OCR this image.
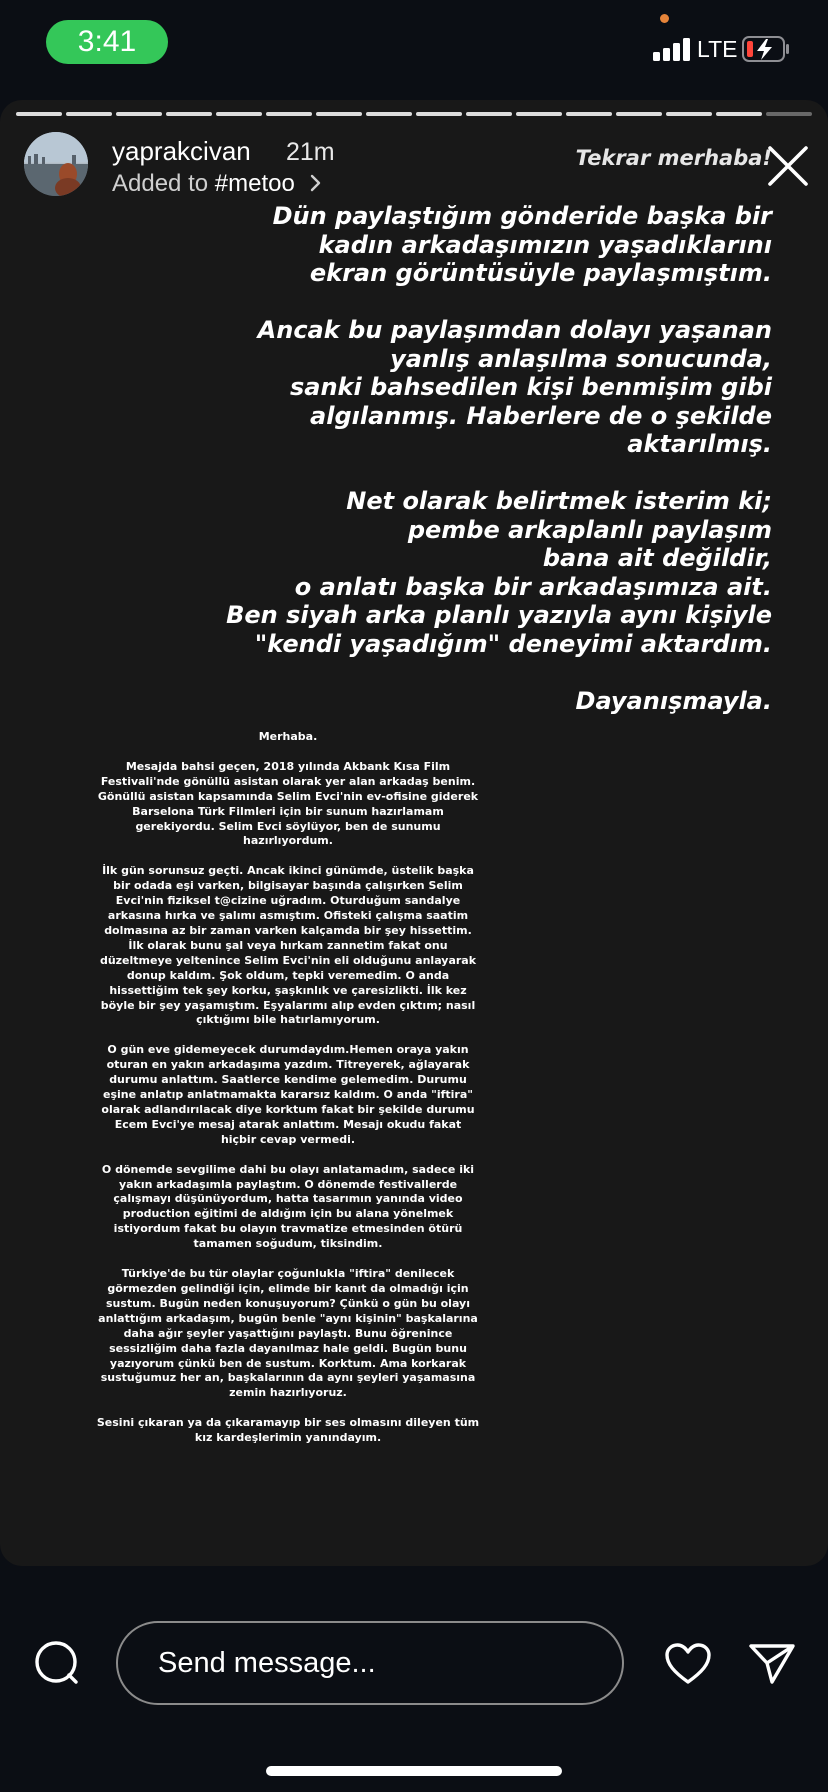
3:41	LTE
yaprakcivan 21m
Added to #metoo
Tekrar merhaba!

Dün paylaştığım gönderide başka bir

kadın arkadaşımızın yaşadıklarını

ekran görüntüsüyle paylaşmıştım.

Ancak bu paylaşımdan dolayı yaşanan

yanlış anlaşılma sonucunda,

sanki bahsedilen kişi benmişim gibi

algılanmış. Haberlere de o şekilde

aktarılmış.

Net olarak belirtmek isterim ki;

pembe arkaplanlı paylaşım

bana ait değildir,

o anlatı başka bir arkadaşımıza ait.

Ben siyah arka planlı yazıyla aynı kişiyle

"kendi yaşadığım" deneyimi aktardım.

Dayanışmayla.

Merhaba.

Mesajda bahsi geçen, 2018 yılında Akbank Kısa Film Festivali'nde gönüllü asistan olarak yer alan arkadaş benim. Gönüllü asistan kapsamında Selim Evci'nin ev-ofisine giderek Barselona Türk Filmleri için bir sunum hazırlamam gerekiyordu. Selim Evci söylüyor, ben de sunumu hazırlıyordum.

İlk gün sorunsuz geçti. Ancak ikinci günümde, üstelik başka bir odada eşi varken, bilgisayar başında çalışırken Selim Evci'nin fiziksel t@cizine uğradım. Oturduğum sandalye arkasına hırka ve şalımı asmıştım. Ofisteki çalışma saatim dolmasına az bir zaman varken kalçamda bir şey hissettim. İlk olarak bunu şal veya hırkam zannetim fakat onu düzeltmeye yeltenince Selim Evci'nin eli olduğunu anlayarak donup kaldım. Şok oldum, tepki veremedim. O anda hissettiğim tek şey korku, şaşkınlık ve çaresizlikti. İlk kez böyle bir şey yaşamıştım. Eşyalarımı alıp evden çıktım; nasıl çıktığımı bile hatırlamıyorum.

O gün eve gidemeyecek durumdaydım.Hemen oraya yakın oturan en yakın arkadaşıma yazdım. Titreyerek, ağlayarak durumu anlattım. Saatlerce kendime gelemedim. Durumu eşine anlatıp anlatmamakta kararsız kaldım. O anda "iftira" olarak adlandırılacak diye korktum fakat bir şekilde durumu Ecem Evci'ye mesaj atarak anlattım. Mesajı okudu fakat hiçbir cevap vermedi.

O dönemde sevgilime dahi bu olayı anlatamadım, sadece iki yakın arkadaşımla paylaştım. O dönemde festivallerde çalışmayı düşünüyordum, hatta tasarımın yanında video production eğitimi de aldığım için bu alana yönelmek istiyordum fakat bu olayın travmatize etmesinden ötürü tamamen soğudum, tiksindim.

Türkiye'de bu tür olaylar çoğunlukla "iftira" denilecek görmezden gelindiği için, elimde bir kanıt da olmadığı için sustum. Bugün neden konuşuyorum? Çünkü o gün bu olayı anlattığım arkadaşım, bugün benle "aynı kişinin" başkalarına daha ağır şeyler yaşattığını paylaştı. Bunu öğrenince sessizliğim daha fazla dayanılmaz hale geldi. Bugün bunu yazıyorum çünkü ben de sustum. Korktum. Ama korkarak sustuğumuz her an, başkalarının da aynı şeyleri yaşamasına zemin hazırlıyoruz.

Sesini çıkaran ya da çıkaramayıp bir ses olmasını dileyen tüm kız kardeşlerimin yanındayım.

Send message...
